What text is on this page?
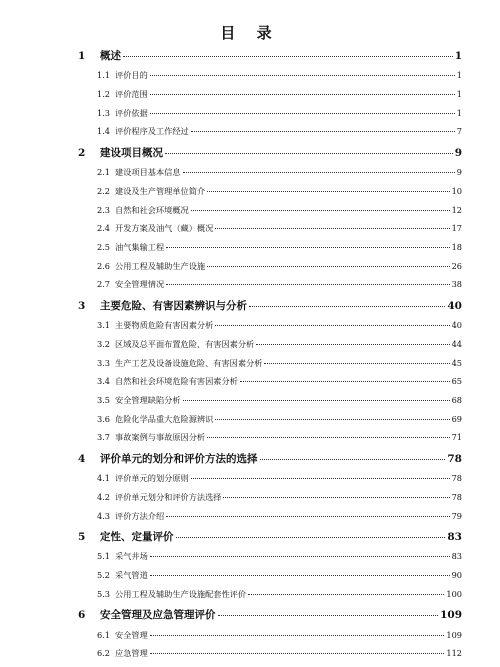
目 录
1	概述	1
1.1 评价目的	1
1.2 评价范围	1
1.3 评价依据	1
1.4 评价程序及工作经过	7
2	建设项目概况	9
2.1 建设项目基本信息	9
2.2 建设及生产管理单位简介	10
2.3 自然和社会环境概况	12
2.4 开发方案及油气（藏）概况	17
2.5 油气集输工程	18
2.6 公用工程及辅助生产设施	26
2.7 安全管理情况	38
3	主要危险、有害因素辨识与分析	40
3.1 主要物质危险有害因素分析	40
3.2 区域及总平面布置危险、有害因素分析	44
3.3 生产工艺及设备设施危险、有害因素分析	45
3.4 自然和社会环境危险有害因素分析	65
3.5 安全管理缺陷分析	68
3.6 危险化学品重大危险源辨识	69
3.7 事故案例与事故原因分析	71
4	评价单元的划分和评价方法的选择	78
4.1 评价单元的划分原则	78
4.2 评价单元划分和评价方法选择	78
4.3 评价方法介绍	79
5	定性、定量评价	83
5.1 采气井场	83
5.2 采气管道	90
5.3 公用工程及辅助生产设施配套性评价	100
6	安全管理及应急管理评价	109
6.1 安全管理	109
6.2 应急管理	112
